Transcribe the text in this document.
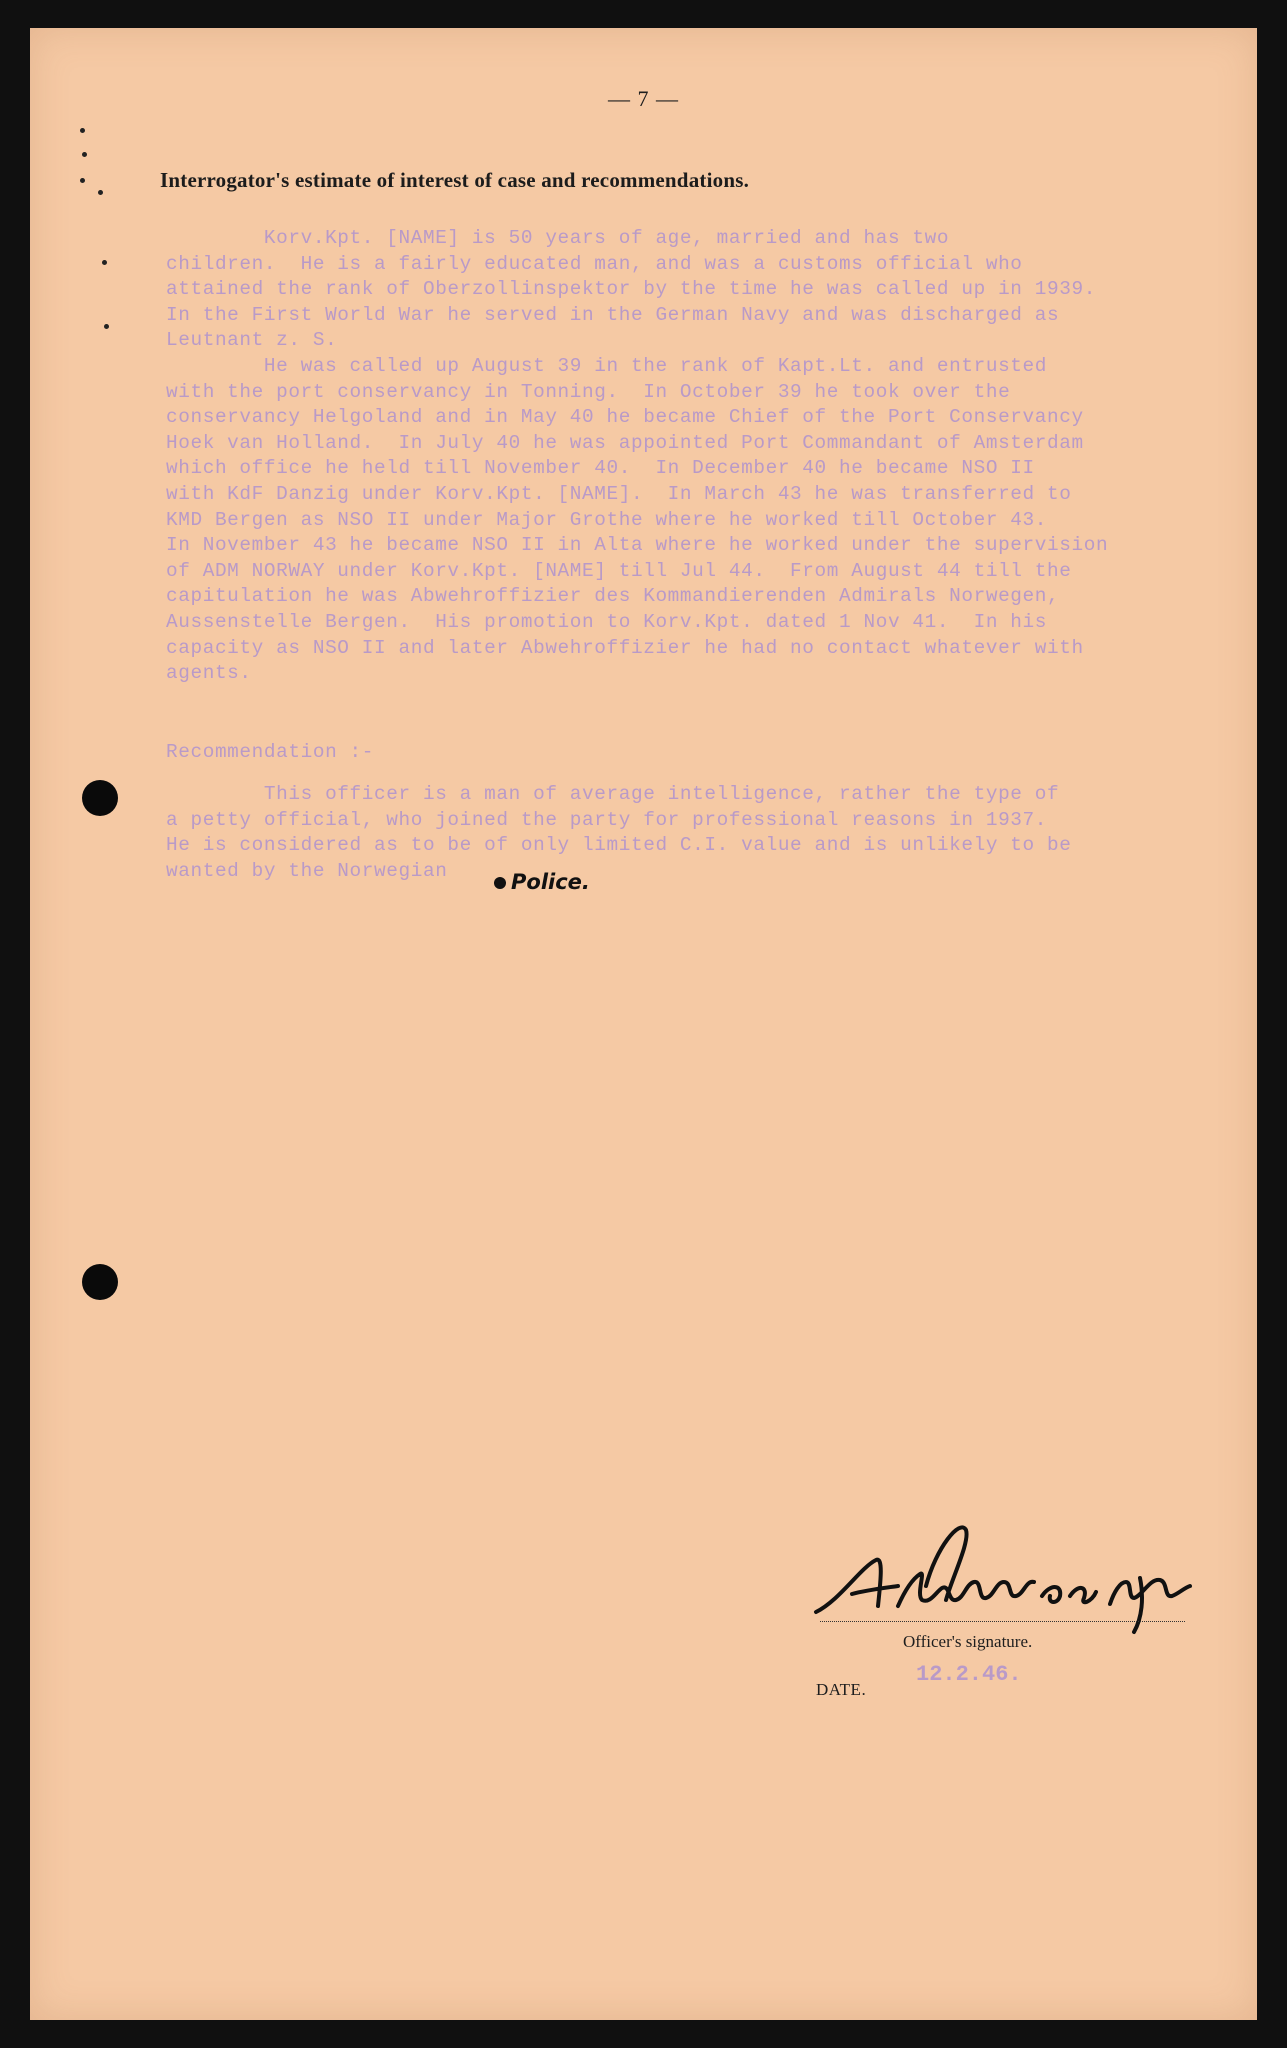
— 7 —
Interrogator's estimate of interest of case and recommendations.
Korv.Kpt. [NAME] is 50 years of age, married and has two
children.  He is a fairly educated man, and was a customs official who
attained the rank of Oberzollinspektor by the time he was called up in 1939.
In the First World War he served in the German Navy and was discharged as
Leutnant z. S.
He was called up August 39 in the rank of Kapt.Lt. and entrusted
with the port conservancy in Tonning.  In October 39 he took over the
conservancy Helgoland and in May 40 he became Chief of the Port Conservancy
Hoek van Holland.  In July 40 he was appointed Port Commandant of Amsterdam
which office he held till November 40.  In December 40 he became NSO II
with KdF Danzig under Korv.Kpt. [NAME].  In March 43 he was transferred to
KMD Bergen as NSO II under Major Grothe where he worked till October 43.
In November 43 he became NSO II in Alta where he worked under the supervision
of ADM NORWAY under Korv.Kpt. [NAME] till Jul 44.  From August 44 till the
capitulation he was Abwehroffizier des Kommandierenden Admirals Norwegen,
Aussenstelle Bergen.  His promotion to Korv.Kpt. dated 1 Nov 41.  In his
capacity as NSO II and later Abwehroffizier he had no contact whatever with
agents.
Recommendation :-
This officer is a man of average intelligence, rather the type of
a petty official, who joined the party for professional reasons in 1937.
He is considered as to be of only limited C.I. value and is unlikely to be
wanted by the Norwegian	Police.
Officer's signature.
DATE.
12.2.46.
